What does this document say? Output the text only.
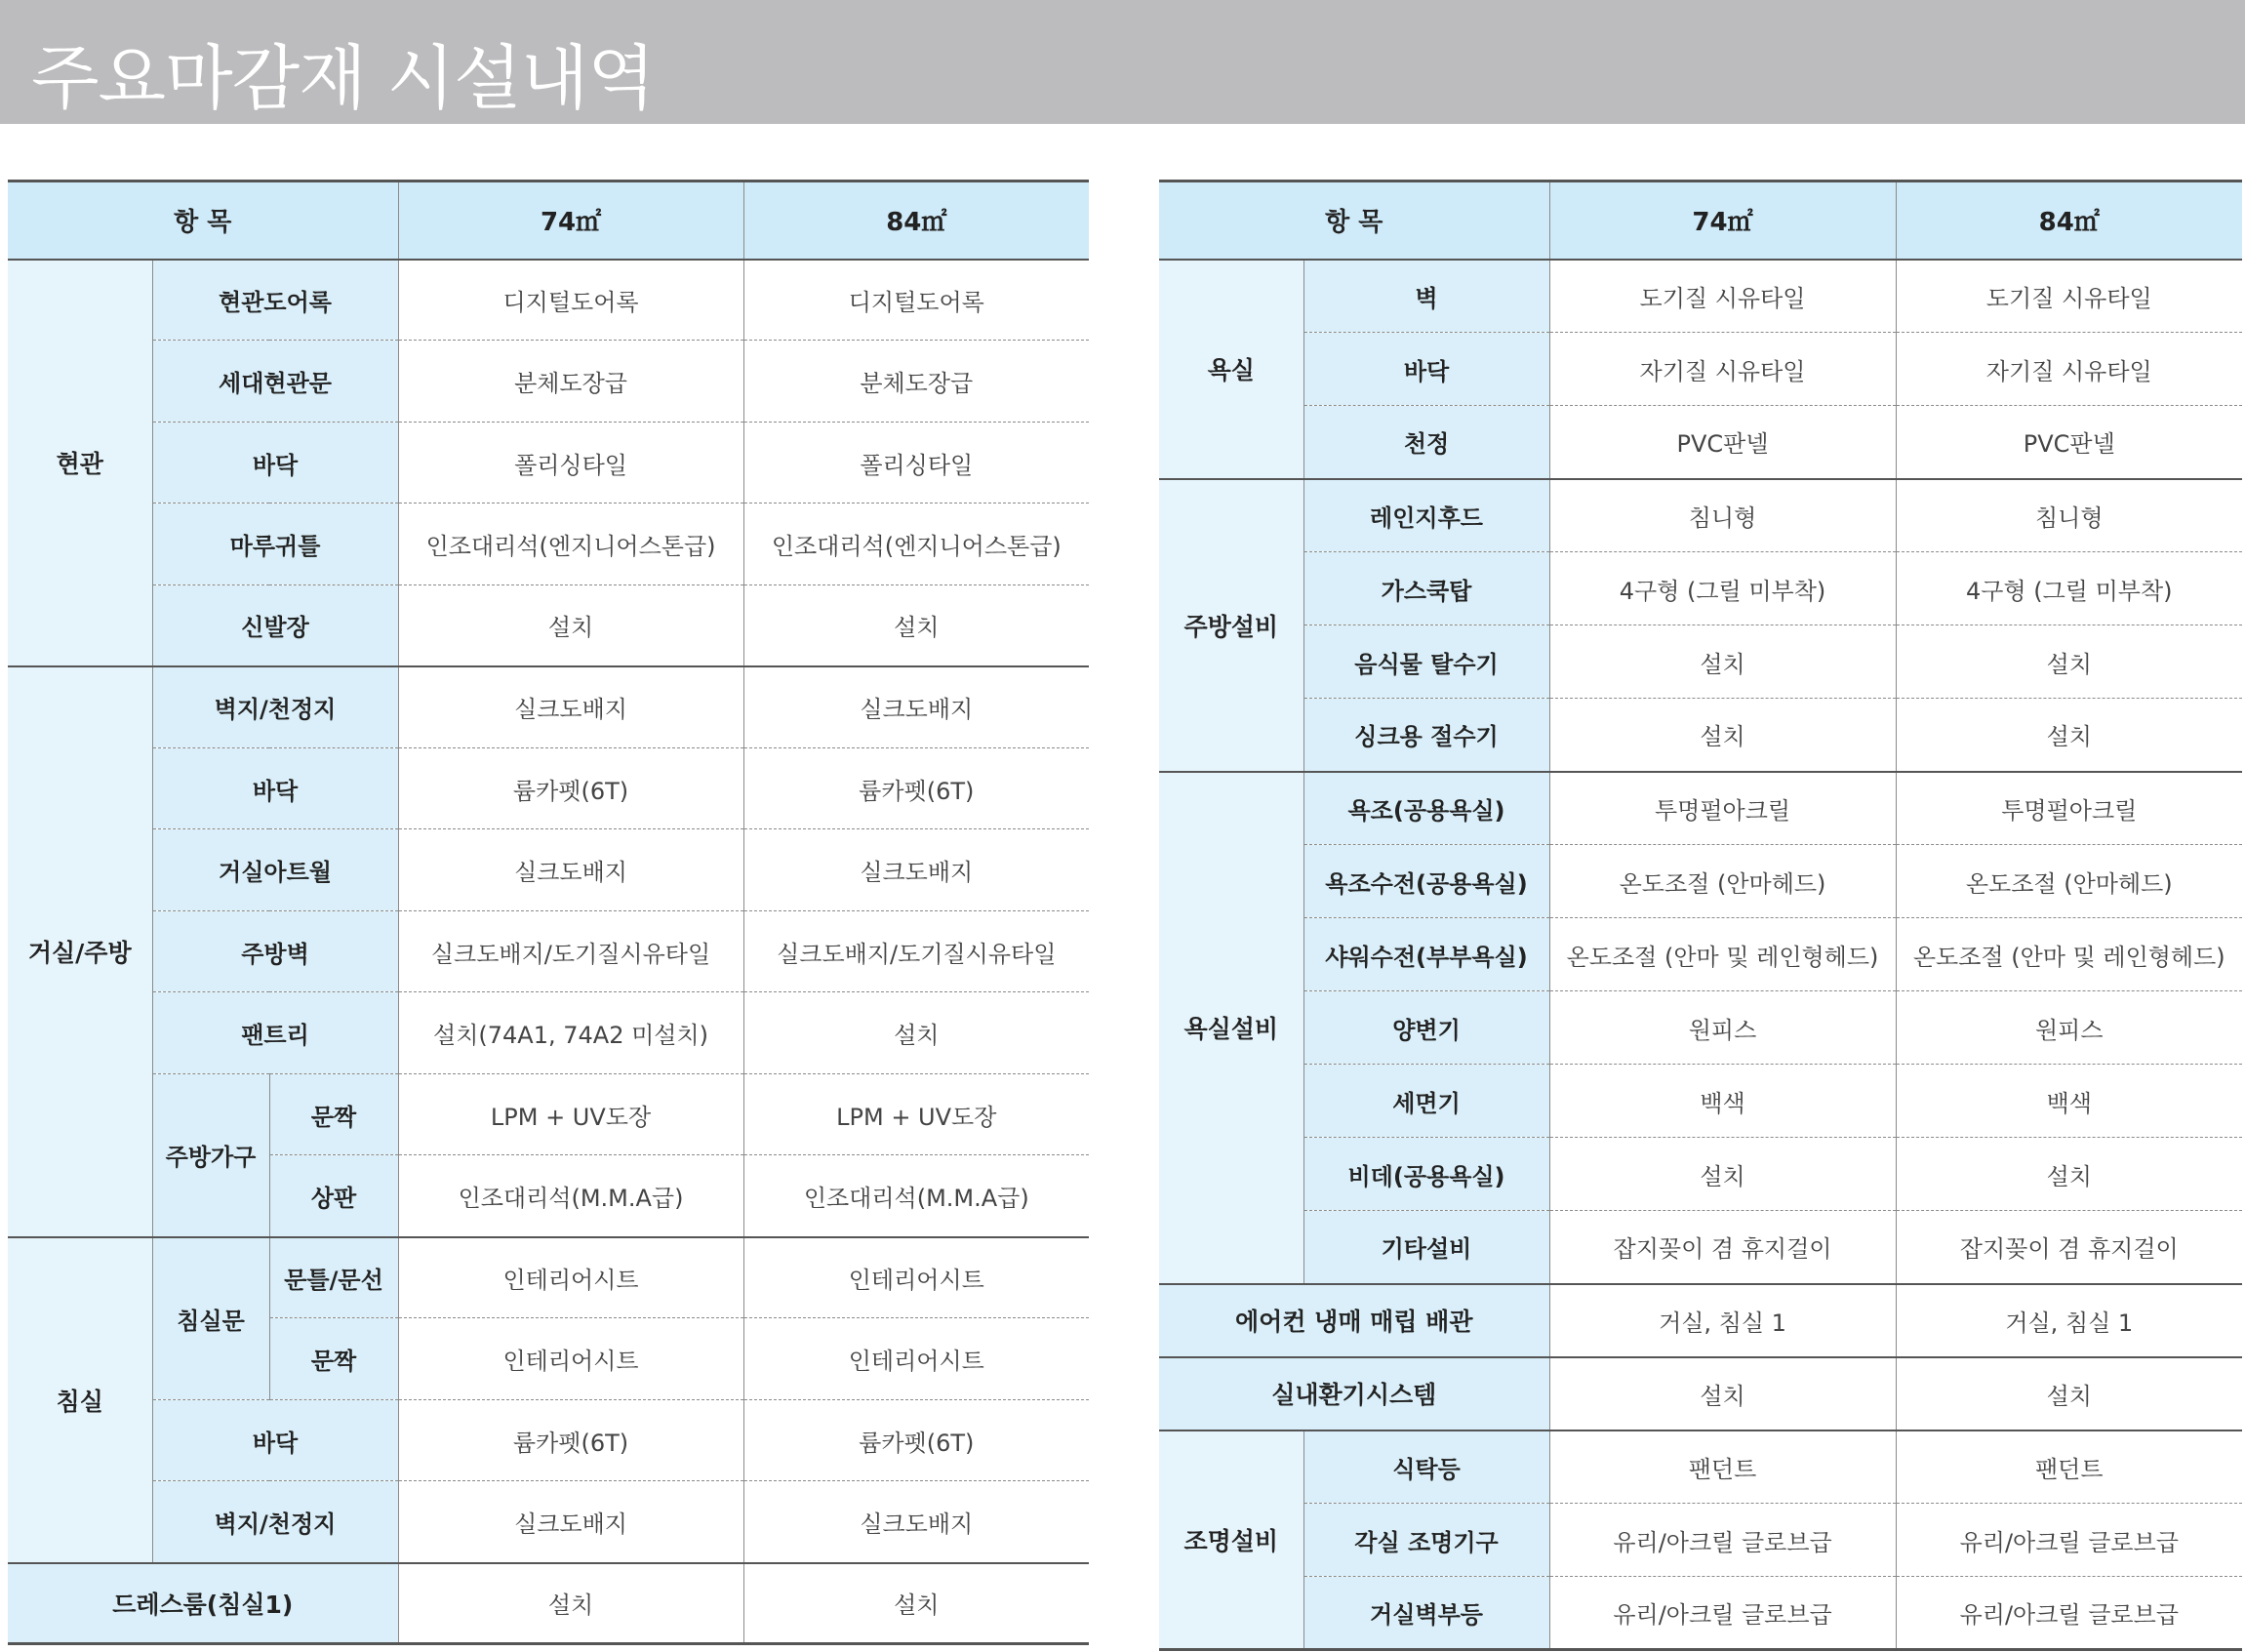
주요마감재 시설내역
항 목			74㎡	84㎡
현관	현관도어록		디지털도어록	디지털도어록
	세대현관문		분체도장급	분체도장급
	바닥		폴리싱타일	폴리싱타일
	마루귀틀		인조대리석(엔지니어스톤급)	인조대리석(엔지니어스톤급)
	신발장		설치	설치
거실/주방	벽지/천정지		실크도배지	실크도배지
	바닥		륨카펫(6T)	륨카펫(6T)
	거실아트월		실크도배지	실크도배지
	주방벽		실크도배지/도기질시유타일	실크도배지/도기질시유타일
	팬트리		설치(74A1, 74A2 미설치)	설치
	주방가구	문짝	LPM + UV도장	LPM + UV도장
		상판	인조대리석(M.M.A급)	인조대리석(M.M.A급)
침실	침실문	문틀/문선	인테리어시트	인테리어시트
		문짝	인테리어시트	인테리어시트
	바닥		륨카펫(6T)	륨카펫(6T)
	벽지/천정지		실크도배지	실크도배지
드레스룸(침실1)			설치	설치
항 목		74㎡	84㎡
욕실	벽	도기질 시유타일	도기질 시유타일
	바닥	자기질 시유타일	자기질 시유타일
	천정	PVC판넬	PVC판넬
주방설비	레인지후드	침니형	침니형
	가스쿡탑	4구형 (그릴 미부착)	4구형 (그릴 미부착)
	음식물 탈수기	설치	설치
	싱크용 절수기	설치	설치
욕실설비	욕조(공용욕실)	투명펄아크릴	투명펄아크릴
	욕조수전(공용욕실)	온도조절 (안마헤드)	온도조절 (안마헤드)
	샤워수전(부부욕실)	온도조절 (안마 및 레인형헤드)	온도조절 (안마 및 레인형헤드)
	양변기	원피스	원피스
	세면기	백색	백색
	비데(공용욕실)	설치	설치
	기타설비	잡지꽂이 겸 휴지걸이	잡지꽂이 겸 휴지걸이
에어컨 냉매 매립 배관		거실, 침실 1	거실, 침실 1
실내환기시스템		설치	설치
조명설비	식탁등	팬던트	팬던트
	각실 조명기구	유리/아크릴 글로브급	유리/아크릴 글로브급
	거실벽부등	유리/아크릴 글로브급	유리/아크릴 글로브급
